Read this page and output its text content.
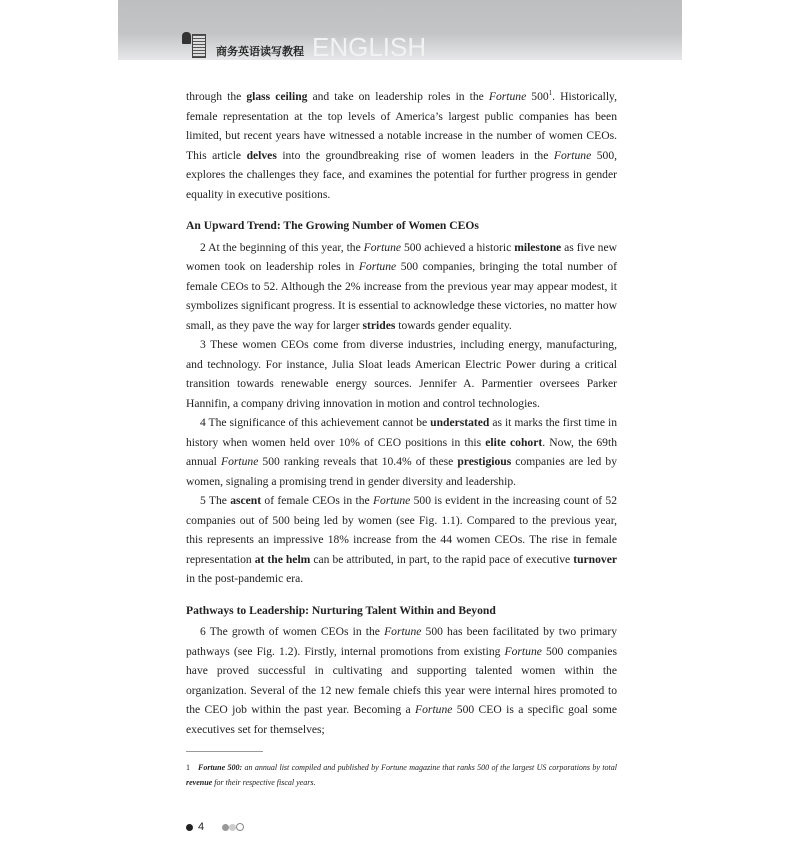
商务英语读写教程 ENGLISH

through the glass ceiling and take on leadership roles in the Fortune $500^1$. Historically, female representation at the top levels of America’s largest public companies has been limited, but recent years have witnessed a notable increase in the number of women CEOs. This article delves into the groundbreaking rise of women leaders in the Fortune 500, explores the challenges they face, and examines the potential for further progress in gender equality in executive positions.

An Upward Trend: The Growing Number of Women CEOs

2 At the beginning of this year, the Fortune 500 achieved a historic milestone as five new women took on leadership roles in Fortune 500 companies, bringing the total number of female CEOs to 52. Although the 2% increase from the previous year may appear modest, it symbolizes significant progress. It is essential to acknowledge these victories, no matter how small, as they pave the way for larger strides towards gender equality.

3 These women CEOs come from diverse industries, including energy, manufacturing, and technology. For instance, Julia Sloat leads American Electric Power during a critical transition towards renewable energy sources. Jennifer A. Parmentier oversees Parker Hannifin, a company driving innovation in motion and control technologies.

4 The significance of this achievement cannot be understated as it marks the first time in history when women held over 10% of CEO positions in this elite cohort. Now, the 69th annual Fortune 500 ranking reveals that 10.4% of these prestigious companies are led by women, signaling a promising trend in gender diversity and leadership.

5 The ascent of female CEOs in the Fortune 500 is evident in the increasing count of 52 companies out of 500 being led by women (see Fig. 1.1). Compared to the previous year, this represents an impressive 18% increase from the 44 women CEOs. The rise in female representation at the helm can be attributed, in part, to the rapid pace of executive turnover in the post-pandemic era.

Pathways to Leadership: Nurturing Talent Within and Beyond

6 The growth of women CEOs in the Fortune 500 has been facilitated by two primary pathways (see Fig. 1.2). Firstly, internal promotions from existing Fortune 500 companies have proved successful in cultivating and supporting talented women within the organization. Several of the 12 new female chiefs this year were internal hires promoted to the CEO job within the past year. Becoming a Fortune 500 CEO is a specific goal some executives set for themselves;

1 Fortune 500: an annual list compiled and published by Fortune magazine that ranks 500 of the largest US corporations by total revenue for their respective fiscal years.
4
